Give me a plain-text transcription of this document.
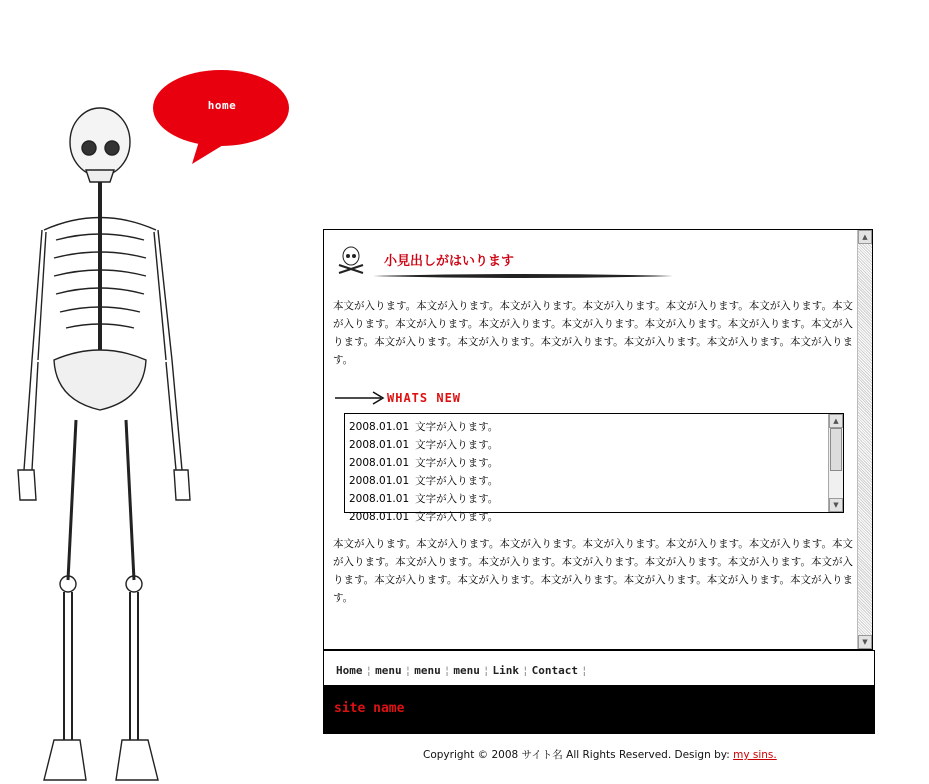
home
小見出しがはいります

本文が入ります。本文が入ります。本文が入ります。本文が入ります。本文が入ります。本文が入ります。本文が入ります。本文が入ります。本文が入ります。本文が入ります。本文が入ります。本文が入ります。本文が入ります。本文が入ります。本文が入ります。本文が入ります。本文が入ります。本文が入ります。本文が入ります。

WHATS NEW
2008.01.01 文字が入ります。
2008.01.01 文字が入ります。
2008.01.01 文字が入ります。
2008.01.01 文字が入ります。
2008.01.01 文字が入ります。
2008.01.01 文字が入ります。
▲
▼

本文が入ります。本文が入ります。本文が入ります。本文が入ります。本文が入ります。本文が入ります。本文が入ります。本文が入ります。本文が入ります。本文が入ります。本文が入ります。本文が入ります。本文が入ります。本文が入ります。本文が入ります。本文が入ります。本文が入ります。本文が入ります。本文が入ります。

▲
▼
Home ¦ menu ¦ menu ¦ menu ¦ Link ¦ Contact ¦
site name
Copyright © 2008 サイト名 All Rights Reserved. Design by: my sins.
